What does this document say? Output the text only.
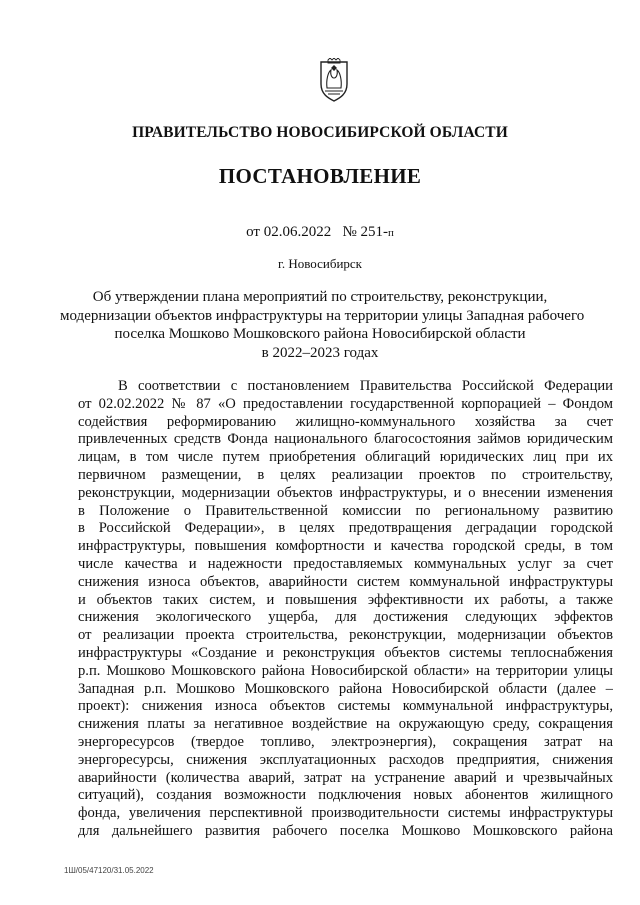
ПРАВИТЕЛЬСТВО НОВОСИБИРСКОЙ ОБЛАСТИ
ПОСТАНОВЛЕНИЕ
от 02.06.2022 № 251-п
г. Новосибирск
Об утверждении плана мероприятий по строительству, реконструкции,
модернизации объектов инфраструктуры на территории улицы Западная рабочего
поселка Мошково Мошковского района Новосибирской области
в 2022–2023 годах
В соответствии с постановлением Правительства Российской Федерации
от 02.02.2022 № 87 «О предоставлении государственной корпорацией – Фондом
содействия реформированию жилищно-коммунального хозяйства за счет
привлеченных средств Фонда национального благосостояния займов юридическим
лицам, в том числе путем приобретения облигаций юридических лиц при их
первичном размещении, в целях реализации проектов по строительству,
реконструкции, модернизации объектов инфраструктуры, и о внесении изменения
в Положение о Правительственной комиссии по региональному развитию
в Российской Федерации», в целях предотвращения деградации городской
инфраструктуры, повышения комфортности и качества городской среды, в том
числе качества и надежности предоставляемых коммунальных услуг за счет
снижения износа объектов, аварийности систем коммунальной инфраструктуры
и объектов таких систем, и повышения эффективности их работы, а также
снижения экологического ущерба, для достижения следующих эффектов
от реализации проекта строительства, реконструкции, модернизации объектов
инфраструктуры «Создание и реконструкция объектов системы теплоснабжения
р.п. Мошково Мошковского района Новосибирской области» на территории улицы
Западная р.п. Мошково Мошковского района Новосибирской области (далее –
проект): снижения износа объектов системы коммунальной инфраструктуры,
снижения платы за негативное воздействие на окружающую среду, сокращения
энергоресурсов (твердое топливо, электроэнергия), сокращения затрат на
энергоресурсы, снижения эксплуатационных расходов предприятия, снижения
аварийности (количества аварий, затрат на устранение аварий и чрезвычайных
ситуаций), создания возможности подключения новых абонентов жилищного
фонда, увеличения перспективной производительности системы инфраструктуры
для дальнейшего развития рабочего поселка Мошково Мошковского района
1Ш/05/47120/31.05.2022
